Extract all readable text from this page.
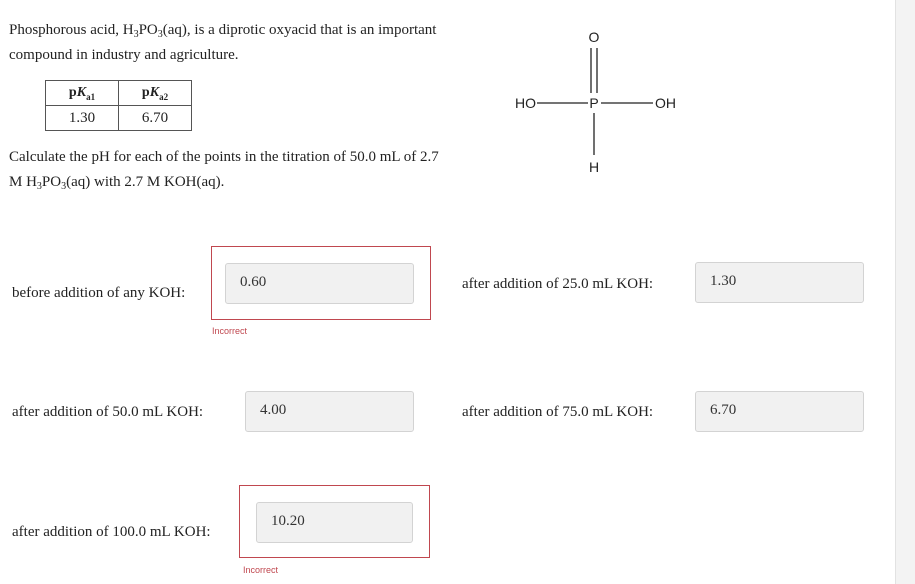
Phosphorous acid, $H_3PO_3(aq)$, is a diprotic oxyacid that is an important compound in industry and agriculture.
$pK_{a1}$	$pK_{a2}$
1.30	6.70
Calculate the pH for each of the points in the titration of 50.0 mL of 2.7 M $H_3PO_3(aq)$ with 2.7 M KOH(aq).
O
P
HO	OH
H
before addition of any KOH:
0.60
Incorrect
after addition of 25.0 mL KOH:	1.30
after addition of 50.0 mL KOH:	4.00	after addition of 75.0 mL KOH:	6.70
after addition of 100.0 mL KOH:
10.20
Incorrect
